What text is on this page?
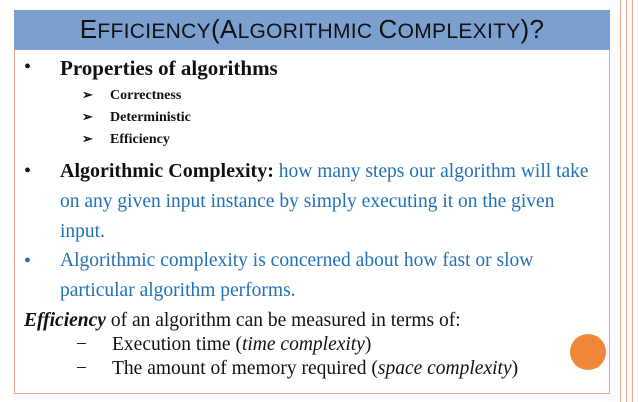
EFFICIENCY(ALGORITHMIC COMPLEXITY)?
• Properties of algorithms
➢ Correctness
➢ Deterministic
➢ Efficiency
• Algorithmic Complexity: how many steps our algorithm will take on any given input instance by simply executing it on the given input.
• Algorithmic complexity is concerned about how fast or slow particular algorithm performs.
Efficiency of an algorithm can be measured in terms of:
− Execution time (time complexity)
− The amount of memory required (space complexity)
